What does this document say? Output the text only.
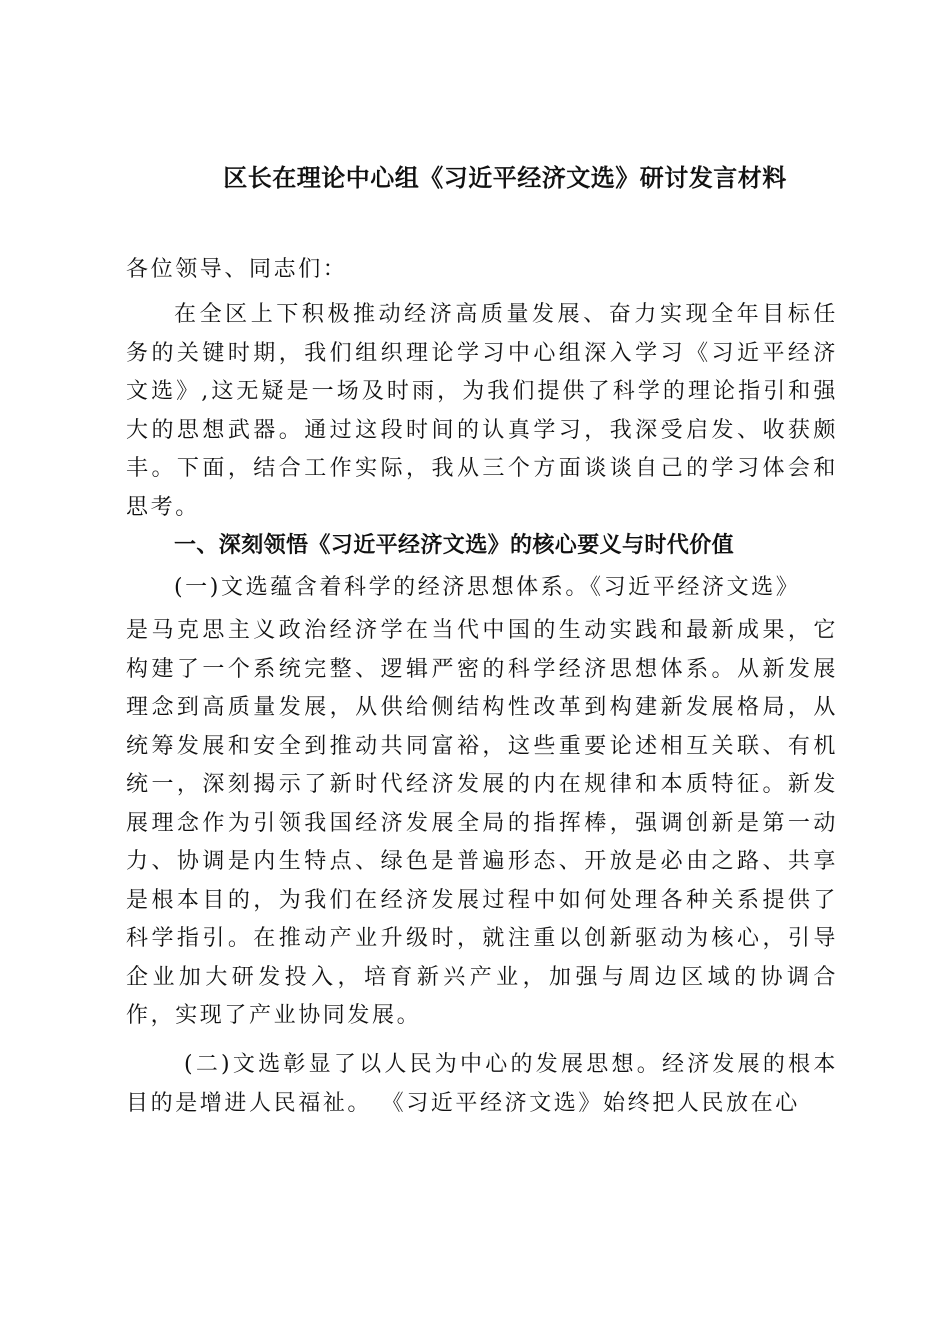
区长在理论中心组《习近平经济文选》研讨发言材料
各位领导、同志们：
在全区上下积极推动经济高质量发展、奋力实现全年目标任务的关键时期，我们组织理论学习中心组深入学习《习近平经济文选》,这无疑是一场及时雨，为我们提供了科学的理论指引和强大的思想武器。通过这段时间的认真学习，我深受启发、收获颇丰。下面，结合工作实际，我从三个方面谈谈自己的学习体会和思考。
一、深刻领悟《习近平经济文选》的核心要义与时代价值
(一)文选蕴含着科学的经济思想体系。《习近平经济文选》
是马克思主义政治经济学在当代中国的生动实践和最新成果，它构建了一个系统完整、逻辑严密的科学经济思想体系。从新发展理念到高质量发展，从供给侧结构性改革到构建新发展格局，从统筹发展和安全到推动共同富裕，这些重要论述相互关联、有机统一，深刻揭示了新时代经济发展的内在规律和本质特征。新发展理念作为引领我国经济发展全局的指挥棒，强调创新是第一动力、协调是内生特点、绿色是普遍形态、开放是必由之路、共享是根本目的，为我们在经济发展过程中如何处理各种关系提供了科学指引。在推动产业升级时，就注重以创新驱动为核心，引导企业加大研发投入，培育新兴产业，加强与周边区域的协调合作，实现了产业协同发展。
(二)文选彰显了以人民为中心的发展思想。经济发展的根本目的是增进人民福祉。 《习近平经济文选》始终把人民放在心
